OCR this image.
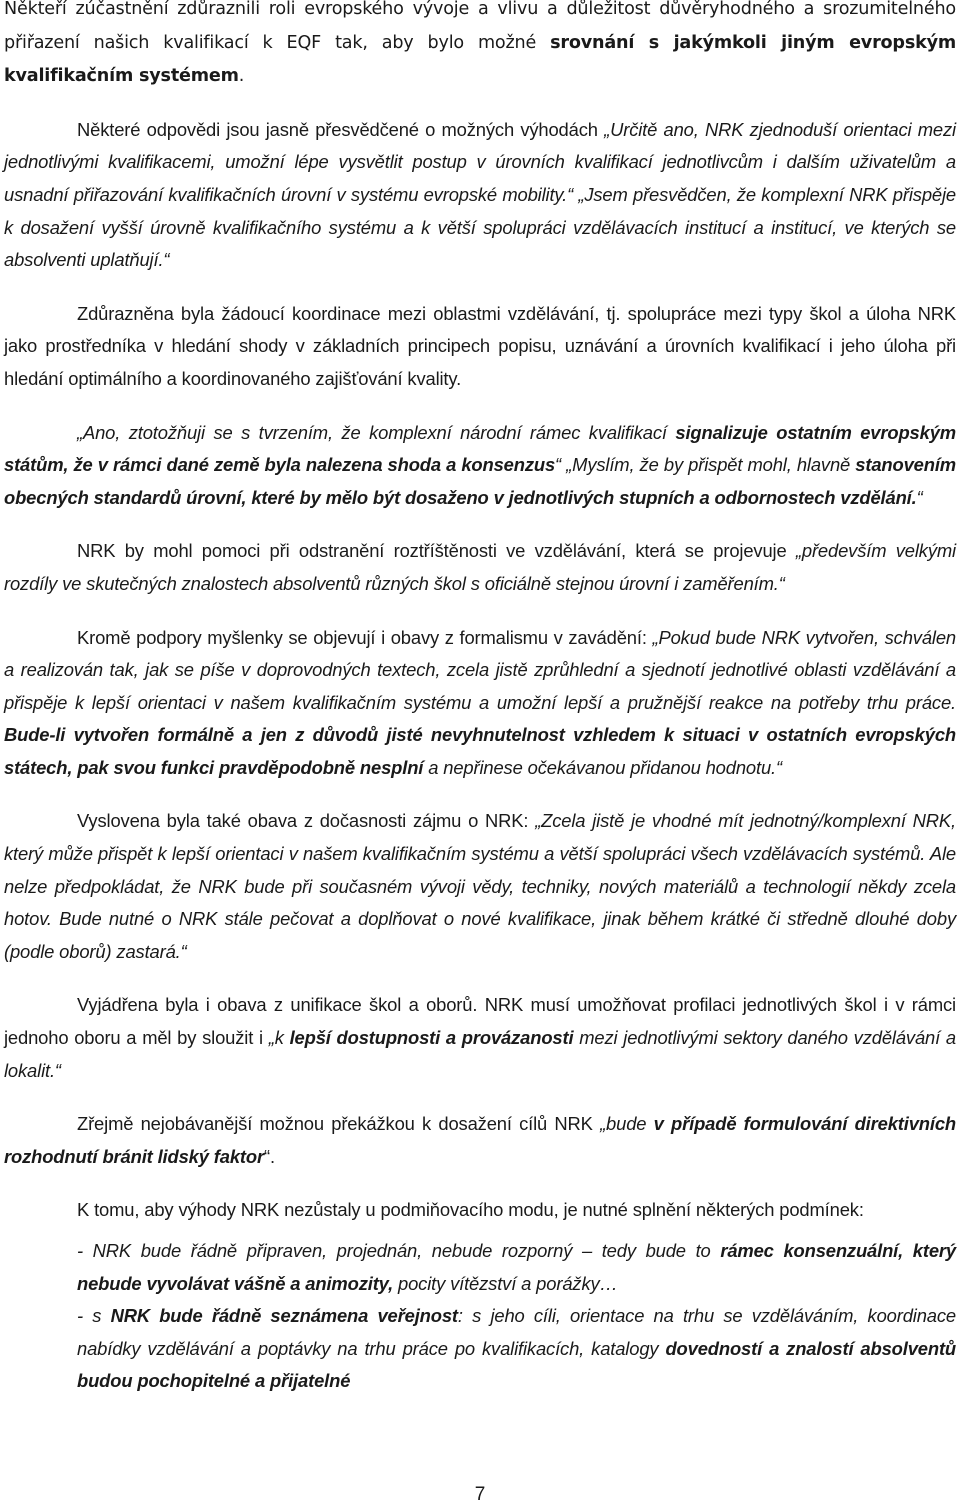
Někteří zúčastnění zdůraznili roli evropského vývoje a vlivu a důležitost důvěryhodného a srozumitelného přiřazení našich kvalifikací k EQF tak, aby bylo možné srovnání s jakýmkoli jiným evropským kvalifikačním systémem.

Některé odpovědi jsou jasně přesvědčené o možných výhodách „Určitě ano, NRK zjednoduší orientaci mezi jednotlivými kvalifikacemi, umožní lépe vysvětlit postup v úrovních kvalifikací jednotlivcům i dalším uživatelům a usnadní přiřazování kvalifikačních úrovní v systému evropské mobility.“ „Jsem přesvědčen, že komplexní NRK přispěje k dosažení vyšší úrovně kvalifikačního systému a k větší spolupráci vzdělávacích institucí a institucí, ve kterých se absolventi uplatňují.“

Zdůrazněna byla žádoucí koordinace mezi oblastmi vzdělávání, tj. spolupráce mezi typy škol a úloha NRK jako prostředníka v hledání shody v základních principech popisu, uznávání a úrovních kvalifikací i jeho úloha při hledání optimálního a koordinovaného zajišťování kvality.

„Ano, ztotožňuji se s tvrzením, že komplexní národní rámec kvalifikací signalizuje ostatním evropským státům, že v rámci dané země byla nalezena shoda a konsenzus“ „Myslím, že by přispět mohl, hlavně stanovením obecných standardů úrovní, které by mělo být dosaženo v jednotlivých stupních a odbornostech vzdělání.“

NRK by mohl pomoci při odstranění roztříštěnosti ve vzdělávání, která se projevuje „především velkými rozdíly ve skutečných znalostech absolventů různých škol s oficiálně stejnou úrovní i zaměřením.“

Kromě podpory myšlenky se objevují i obavy z formalismu v zavádění: „Pokud bude NRK vytvořen, schválen a realizován tak, jak se píše v doprovodných textech, zcela jistě zprůhlední a sjednotí jednotlivé oblasti vzdělávání a přispěje k lepší orientaci v našem kvalifikačním systému a umožní lepší a pružnější reakce na potřeby trhu práce. Bude-li vytvořen formálně a jen z důvodů jisté nevyhnutelnost vzhledem k situaci v ostatních evropských státech, pak svou funkci pravděpodobně nesplní a nepřinese očekávanou přidanou hodnotu.“

Vyslovena byla také obava z dočasnosti zájmu o NRK: „Zcela jistě je vhodné mít jednotný/komplexní NRK, který může přispět k lepší orientaci v našem kvalifikačním systému a větší spolupráci všech vzdělávacích systémů. Ale nelze předpokládat, že NRK bude při současném vývoji vědy, techniky, nových materiálů a technologií někdy zcela hotov. Bude nutné o NRK stále pečovat a doplňovat o nové kvalifikace, jinak během krátké či středně dlouhé doby (podle oborů) zastará.“

Vyjádřena byla i obava z unifikace škol a oborů. NRK musí umožňovat profilaci jednotlivých škol i v rámci jednoho oboru a měl by sloužit i „k lepší dostupnosti a provázanosti mezi jednotlivými sektory daného vzdělávání a lokalit.“

Zřejmě nejobávanější možnou překážkou k dosažení cílů NRK „bude v případě formulování direktivních rozhodnutí bránit lidský faktor“.

K tomu, aby výhody NRK nezůstaly u podmiňovacího modu, je nutné splnění některých podmínek:

- NRK bude řádně připraven, projednán, nebude rozporný – tedy bude to rámec konsenzuální, který nebude vyvolávat vášně a animozity, pocity vítězství a porážky…
- s NRK bude řádně seznámena veřejnost: s jeho cíli, orientace na trhu se vzděláváním, koordinace nabídky vzdělávání a poptávky na trhu práce po kvalifikacích, katalogy dovedností a znalostí absolventů budou pochopitelné a přijatelné
7
